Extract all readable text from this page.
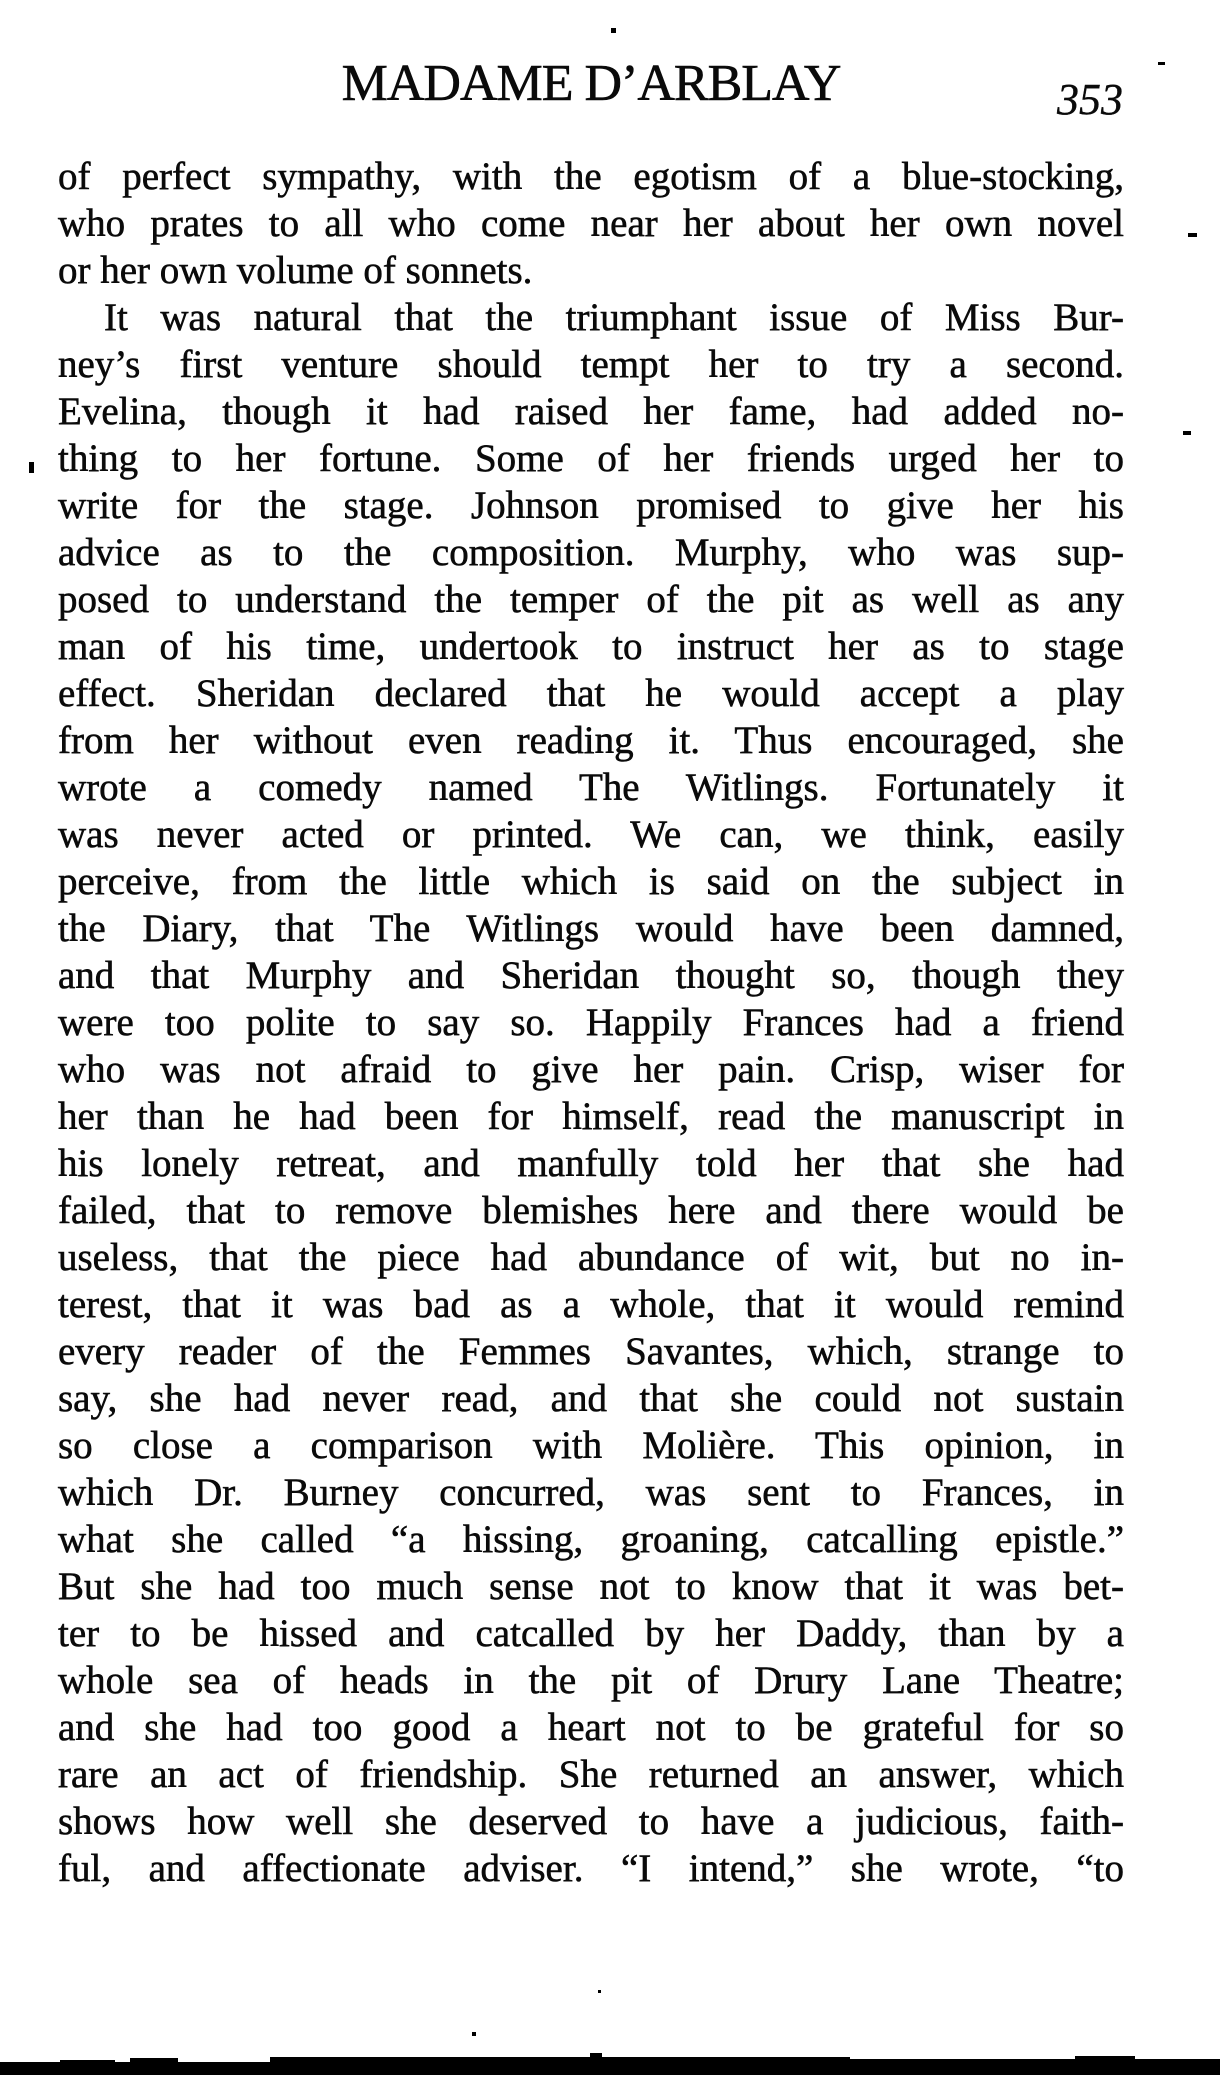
MADAME D’ARBLAY	353
of perfect sympathy, with the egotism of a blue-stocking,
who prates to all who come near her about her own novel
or her own volume of sonnets.
It was natural that the triumphant issue of Miss Bur-
ney’s first venture should tempt her to try a second.
Evelina, though it had raised her fame, had added no-
thing to her fortune. Some of her friends urged her to
write for the stage. Johnson promised to give her his
advice as to the composition. Murphy, who was sup-
posed to understand the temper of the pit as well as any
man of his time, undertook to instruct her as to stage
effect. Sheridan declared that he would accept a play
from her without even reading it. Thus encouraged, she
wrote a comedy named The Witlings. Fortunately it
was never acted or printed. We can, we think, easily
perceive, from the little which is said on the subject in
the Diary, that The Witlings would have been damned,
and that Murphy and Sheridan thought so, though they
were too polite to say so. Happily Frances had a friend
who was not afraid to give her pain. Crisp, wiser for
her than he had been for himself, read the manuscript in
his lonely retreat, and manfully told her that she had
failed, that to remove blemishes here and there would be
useless, that the piece had abundance of wit, but no in-
terest, that it was bad as a whole, that it would remind
every reader of the Femmes Savantes, which, strange to
say, she had never read, and that she could not sustain
so close a comparison with Molière. This opinion, in
which Dr. Burney concurred, was sent to Frances, in
what she called “a hissing, groaning, catcalling epistle.”
But she had too much sense not to know that it was bet-
ter to be hissed and catcalled by her Daddy, than by a
whole sea of heads in the pit of Drury Lane Theatre;
and she had too good a heart not to be grateful for so
rare an act of friendship. She returned an answer, which
shows how well she deserved to have a judicious, faith-
ful, and affectionate adviser. “I intend,” she wrote, “to
